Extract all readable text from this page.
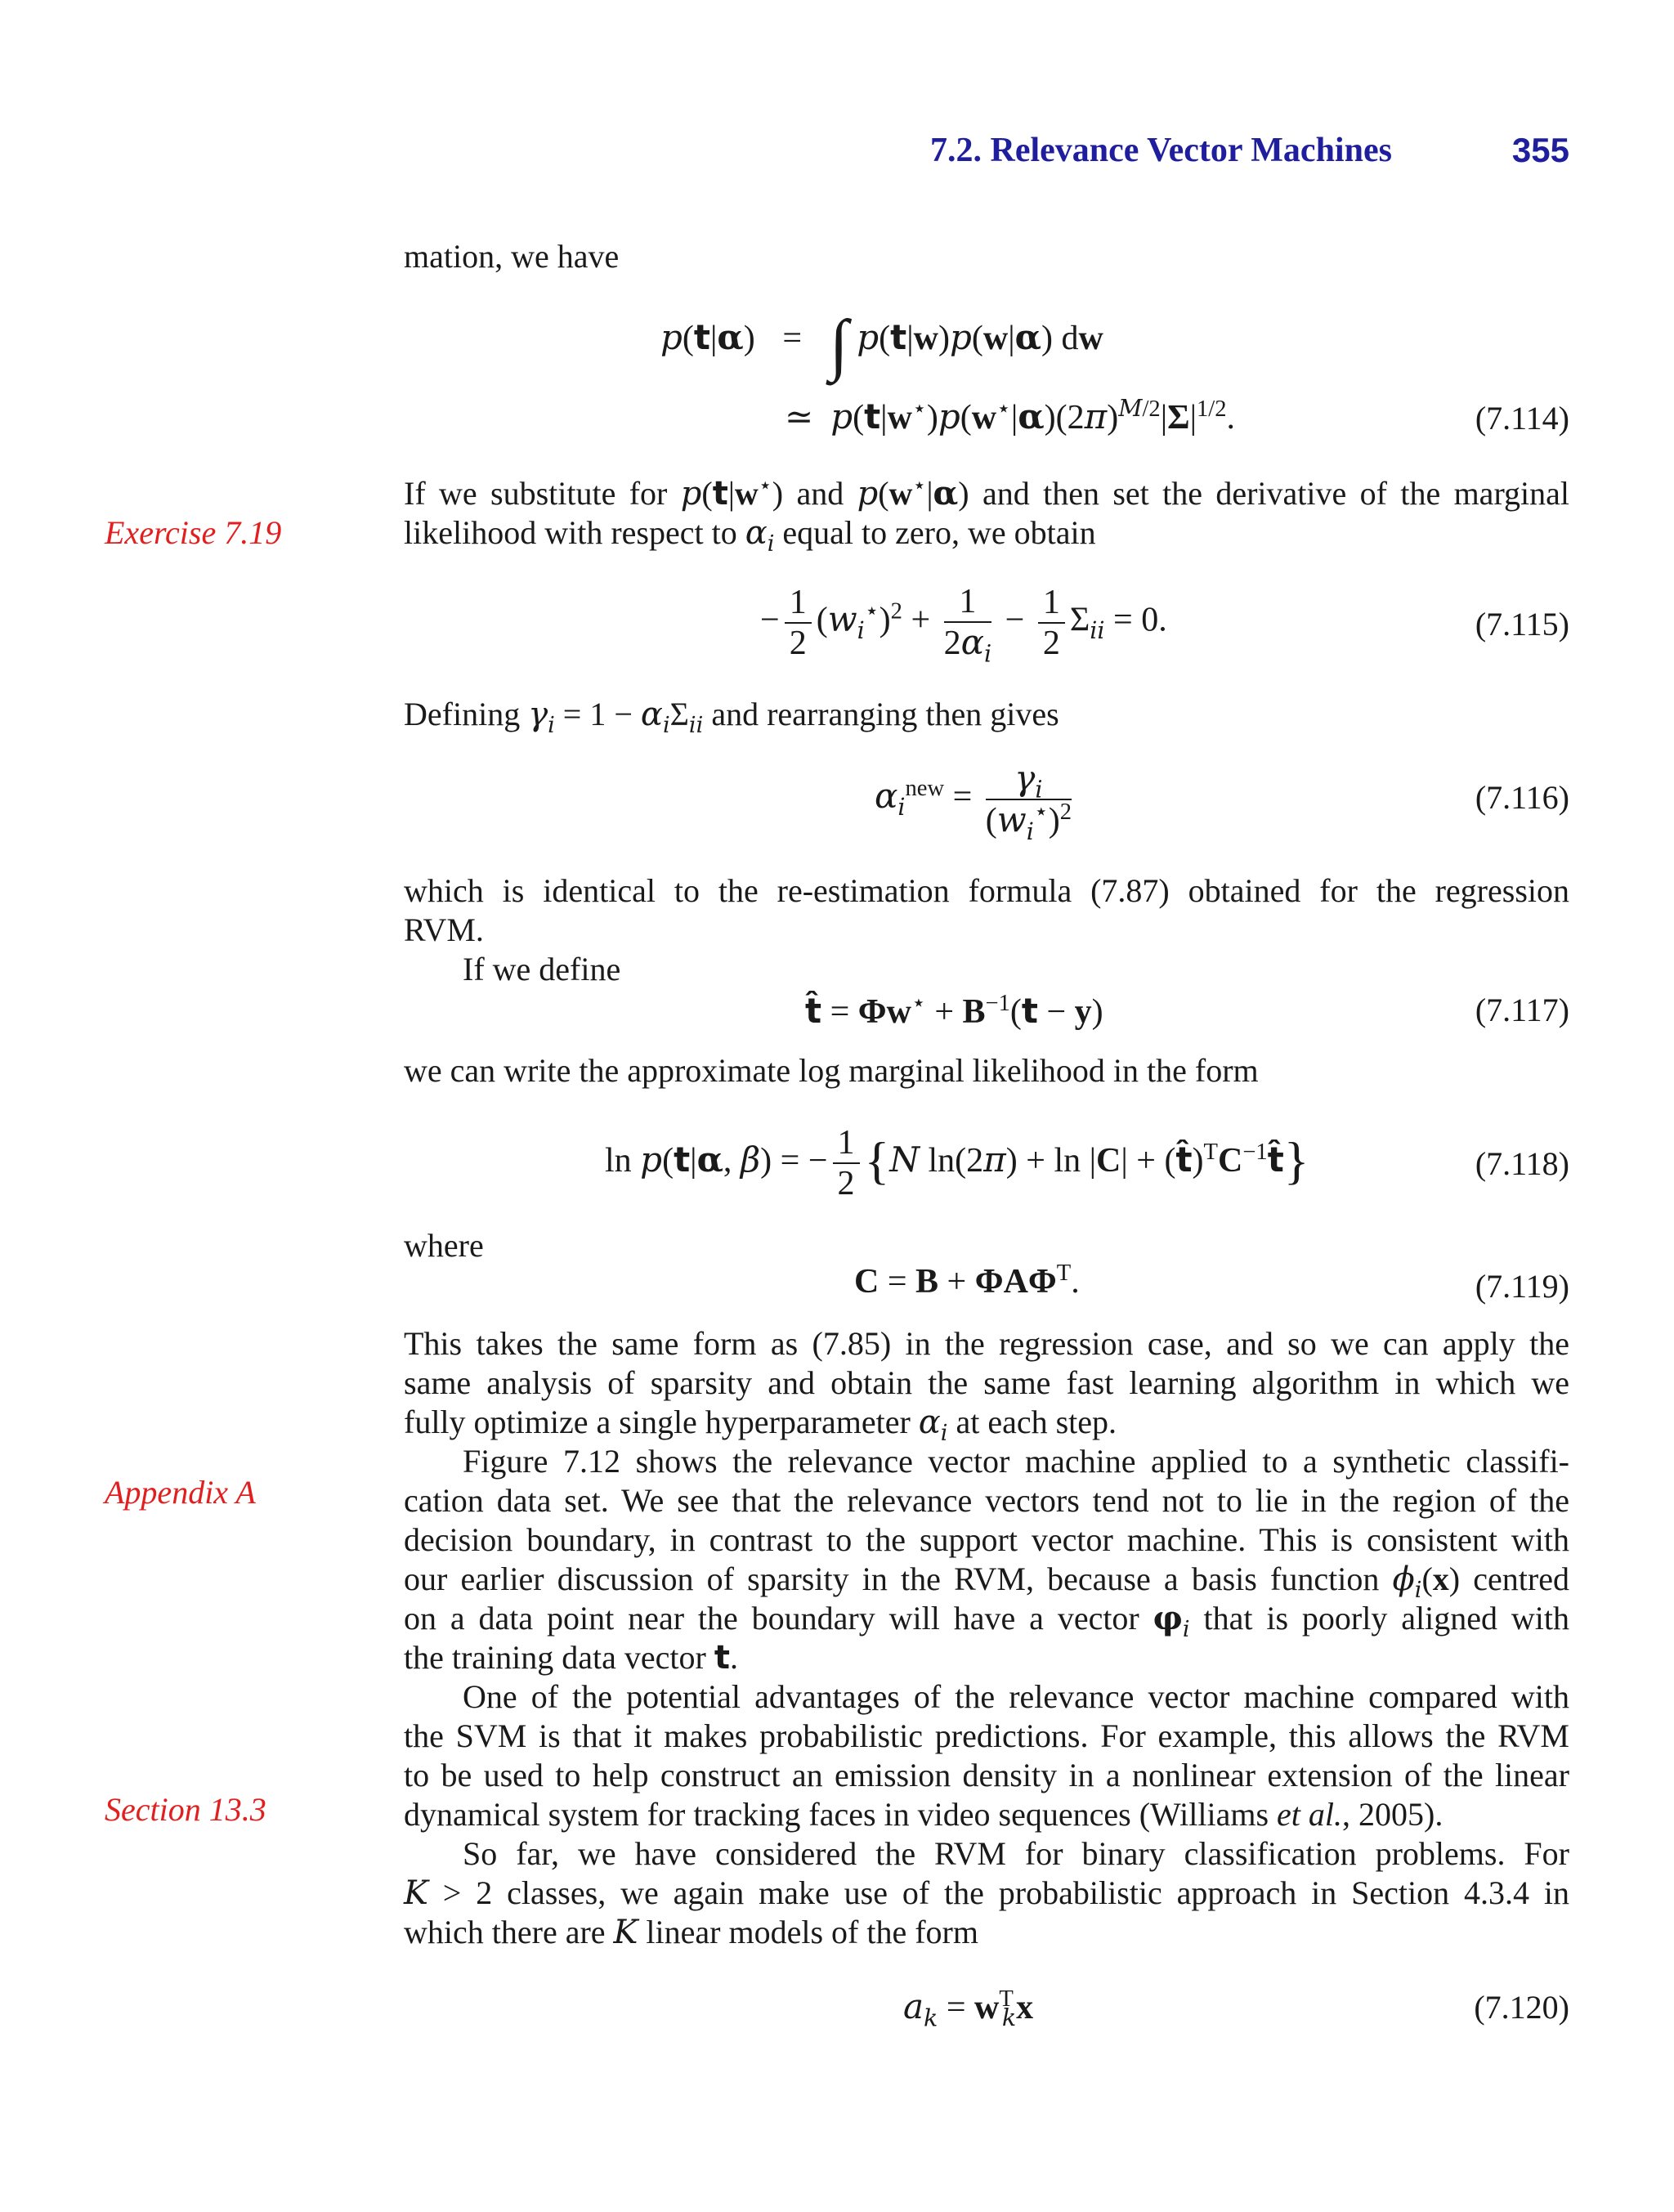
7.2. Relevance Vector Machines	355
Exercise 7.19
Appendix A
Section 13.3
mation, we have
p(t|α) = ∫ p(t|w)p(w|α) dw
≃  $p(t|w^⋆)p(w^⋆|\alpha)(2\pi)^{M/2}|\Sigma|^{1/2}$.	(7.114)
If we substitute for p(t|w⋆) and p(w⋆|α) and then set the derivative of the marginal
likelihood with respect to $\alpha_i$ equal to zero, we obtain
− $\frac{1}{2} (w_i^⋆)^2 + \frac{1}{2\alpha_i} - \frac{1}{2} \Sigma_{ii} = 0$.	(7.115)
Defining $\gamma_i = 1 - \alpha_i\Sigma_{ii}$ and rearranging then gives
$\alpha_i^{new} = \frac{\gamma_i}{(w_i^⋆)^2}$	(7.116)
which is identical to the re-estimation formula (7.87) obtained for the regression
RVM.
If we define
t̂ = $\Phi w^⋆ + B^{-1}(t - y)$	(7.117)
we can write the approximate log marginal likelihood in the form
ln p(t|α, β) = − $\frac{1}{2} \{N$ $\ln(2\pi) + \ln |C| + (t̂)^TC^{-1}t̂$}	(7.118)
where
$C = B + \Phi A\Phi^T$.	(7.119)
This takes the same form as (7.85) in the regression case, and so we can apply the
same analysis of sparsity and obtain the same fast learning algorithm in which we
fully optimize a single hyperparameter $\alpha_i$ at each step.
Figure 7.12 shows the relevance vector machine applied to a synthetic classifi-
cation data set. We see that the relevance vectors tend not to lie in the region of the
decision boundary, in contrast to the support vector machine. This is consistent with
our earlier discussion of sparsity in the RVM, because a basis function $\phi_i(x)$ centred
on a data point near the boundary will have a vector $\varphi_i$ that is poorly aligned with
the training data vector t.
One of the potential advantages of the relevance vector machine compared with
the SVM is that it makes probabilistic predictions. For example, this allows the RVM
to be used to help construct an emission density in a nonlinear extension of the linear
dynamical system for tracking faces in video sequences (Williams et al., 2005).
So far, we have considered the RVM for binary classification problems. For
K > 2 classes, we again make use of the probabilistic approach in Section 4.3.4 in
which there are K linear models of the form
$a_k = w^T_kx$	(7.120)
